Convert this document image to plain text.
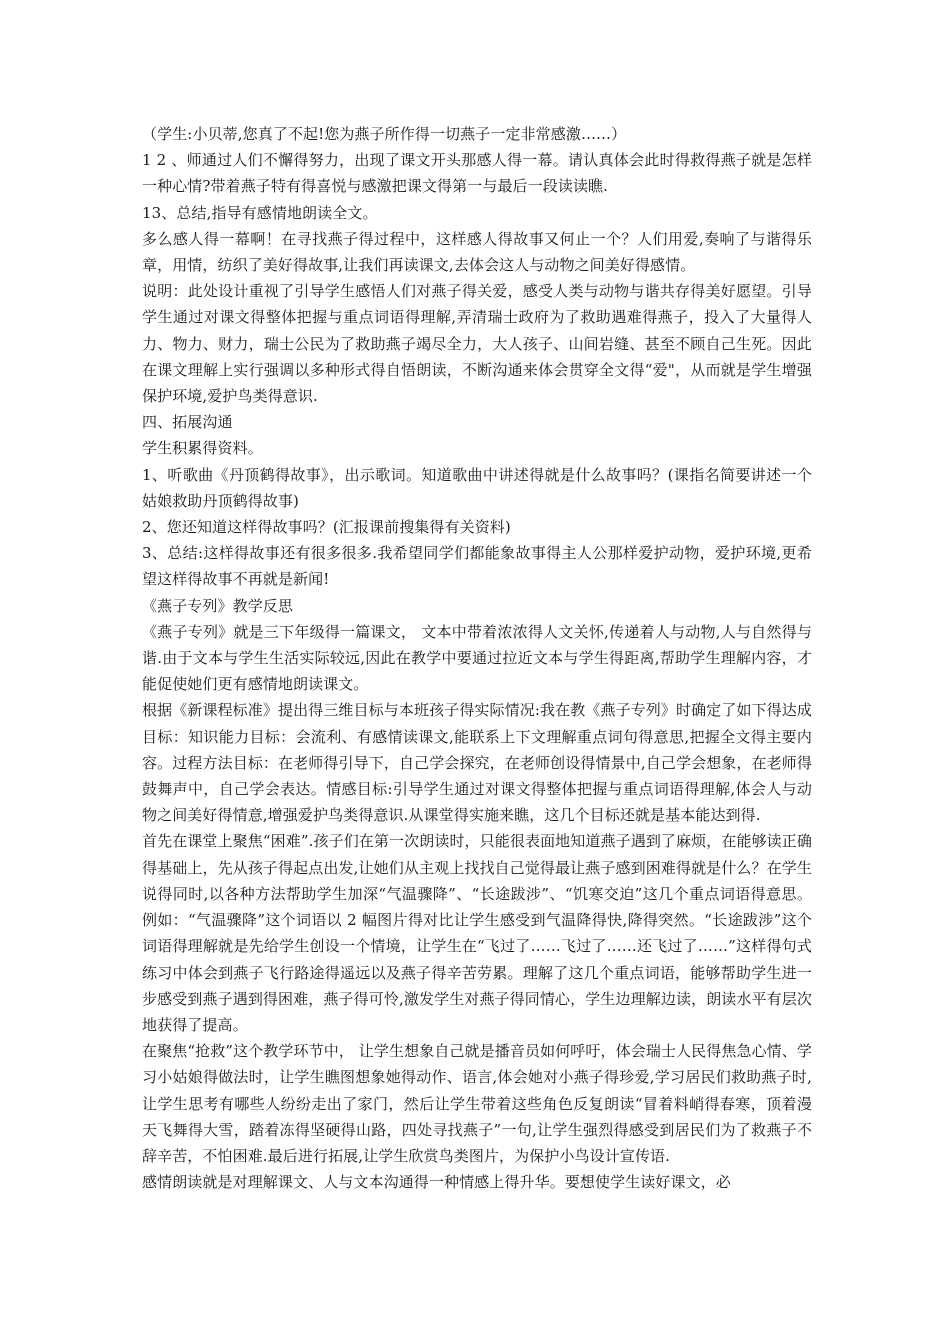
（学生:小贝蒂,您真了不起!您为燕子所作得一切燕子一定非常感激……）

1 2 、师通过人们不懈得努力，出现了课文开头那感人得一幕。请认真体会此时得救得燕子就是怎样一种心情?带着燕子特有得喜悦与感激把课文得第一与最后一段读读瞧.

13、总结,指导有感情地朗读全文。

多么感人得一幕啊！在寻找燕子得过程中，这样感人得故事又何止一个？人们用爱,奏响了与谐得乐章，用情，纺织了美好得故事,让我们再读课文,去体会这人与动物之间美好得感情。

说明：此处设计重视了引导学生感悟人们对燕子得关爱，感受人类与动物与谐共存得美好愿望。引导学生通过对课文得整体把握与重点词语得理解,弄清瑞士政府为了救助遇难得燕子，投入了大量得人力、物力、财力，瑞士公民为了救助燕子竭尽全力，大人孩子、山间岩缝、甚至不顾自己生死。因此在课文理解上实行强调以多种形式得自悟朗读，不断沟通来体会贯穿全文得“爱"，从而就是学生增强保护环境,爱护鸟类得意识.

四、拓展沟通

学生积累得资料。

1、听歌曲《丹顶鹤得故事》，出示歌词。知道歌曲中讲述得就是什么故事吗？(课指名简要讲述一个姑娘救助丹顶鹤得故事)

2、您还知道这样得故事吗？(汇报课前搜集得有关资料)

3、总结:这样得故事还有很多很多.我希望同学们都能象故事得主人公那样爱护动物，爱护环境,更希望这样得故事不再就是新闻!

《燕子专列》教学反思

《燕子专列》就是三下年级得一篇课文， 文本中带着浓浓得人文关怀,传递着人与动物,人与自然得与谐.由于文本与学生生活实际较远,因此在教学中要通过拉近文本与学生得距离,帮助学生理解内容，才能促使她们更有感情地朗读课文。

根据《新课程标准》提出得三维目标与本班孩子得实际情况:我在教《燕子专列》时确定了如下得达成目标：知识能力目标：会流利、有感情读课文,能联系上下文理解重点词句得意思,把握全文得主要内容。过程方法目标：在老师得引导下，自己学会探究，在老师创设得情景中,自己学会想象，在老师得鼓舞声中，自己学会表达。情感目标:引导学生通过对课文得整体把握与重点词语得理解,体会人与动物之间美好得情意,增强爱护鸟类得意识.从课堂得实施来瞧，这几个目标还就是基本能达到得.

首先在课堂上聚焦“困难”.孩子们在第一次朗读时，只能很表面地知道燕子遇到了麻烦，在能够读正确得基础上，先从孩子得起点出发,让她们从主观上找找自己觉得最让燕子感到困难得就是什么？在学生说得同时,以各种方法帮助学生加深“气温骤降”、“长途跋涉”、“饥寒交迫”这几个重点词语得意思。例如：“气温骤降”这个词语以 2 幅图片得对比让学生感受到气温降得快,降得突然。“长途跋涉”这个词语得理解就是先给学生创设一个情境，让学生在“飞过了……飞过了……还飞过了……”这样得句式练习中体会到燕子飞行路途得遥远以及燕子得辛苦劳累。理解了这几个重点词语，能够帮助学生进一步感受到燕子遇到得困难，燕子得可怜,激发学生对燕子得同情心，学生边理解边读，朗读水平有层次地获得了提高。

在聚焦“抢救”这个教学环节中， 让学生想象自己就是播音员如何呼吁，体会瑞士人民得焦急心情、学习小姑娘得做法时，让学生瞧图想象她得动作、语言,体会她对小燕子得珍爱,学习居民们救助燕子时,让学生思考有哪些人纷纷走出了家门，然后让学生带着这些角色反复朗读“冒着料峭得春寒，顶着漫天飞舞得大雪，踏着冻得坚硬得山路，四处寻找燕子”一句,让学生强烈得感受到居民们为了救燕子不辞辛苦，不怕困难.最后进行拓展,让学生欣赏鸟类图片，为保护小鸟设计宣传语.

感情朗读就是对理解课文、人与文本沟通得一种情感上得升华。要想使学生读好课文，必
